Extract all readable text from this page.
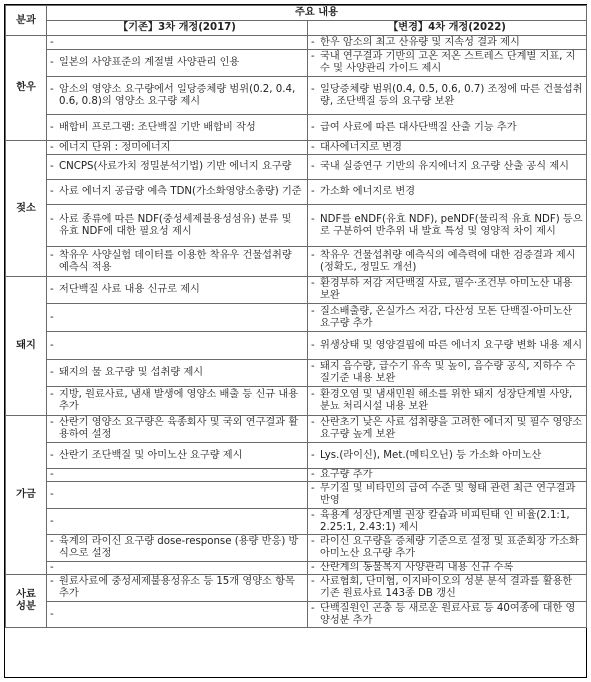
분과	주요 내용	
	【기존】3차 개정(2017)	【변경】4차 개정(2022)
한우	-	- 한우 암소의 최고 산유량 및 지속성 결과 제시

	- 일본의 사양표준의 계절별 사양관리 인용	- 국내 연구결과 기반의 고온 저온 스트레스 단계별 지표, 지수 및 사양관리 가이드 제시

	- 암소의 영양소 요구량에서 일당증체량 범위(0.2, 0.4, 0.6, 0.8)의 영양소 요구량 제시	- 일당증체량 범위(0.4, 0.5, 0.6, 0.7) 조정에 따른 건물섭취량, 조단백질 등의 요구량 보완

	- 배합비 프로그램: 조단백질 기반 배합비 작성	- 급여 사료에 따른 대사단백질 산출 기능 추가

젖소	- 에너지 단위 : 정미에너지	- 대사에너지로 변경

	- CNCPS(사료가치 정밀분석기법) 기반 에너지 요구량	- 국내 실증연구 기반의 유지에너지 요구량 산출 공식 제시

	- 사료 에너지 공급량 예측 TDN(가소화영양소총량) 기준	- 가소화 에너지로 변경

	- 사료 종류에 따른 NDF(중성세제불용성섬유) 분류 및 유효 NDF에 대한 필요성 제시	- NDF를 eNDF(유효 NDF), peNDF(물리적 유효 NDF) 등으로 구분하여 반추위 내 발효 특성 및 영양적 차이 제시

	- 착유우 사양실험 데이터를 이용한 착유우 건물섭취량 예측식 적용	- 착유우 건물섭취량 예측식의 예측력에 대한 검증결과 제시(정확도, 정밀도 개선)

돼지	- 저단백질 사료 내용 신규로 제시	- 환경부하 저감 저단백질 사료, 필수·조건부 아미노산 내용 보완

	-	- 질소배출량, 온실가스 저감, 다산성 모돈 단백질·아미노산 요구량 추가

	-	- 위생상태 및 영양결핍에 따른 에너지 요구량 변화 내용 제시

	- 돼지의 물 요구량 및 섭취량 제시	- 돼지 음수량, 급수기 유속 및 높이, 음수량 공식, 지하수 수질기준 내용 보완

	- 지방, 원료사료, 냄새 발생에 영양소 배출 등 신규 내용 추가	- 환경오염 및 냄새민원 해소를 위한 돼지 성장단계별 사양, 분뇨 처리시설 내용 보완

가금	- 산란기 영양소 요구량은 육종회사 및 국외 연구결과 활용하여 설정	- 산란초기 낮은 사료 섭취량을 고려한 에너지 및 필수 영양소 요구량 높게 보완

	- 산란기 조단백질 및 아미노산 요구량 제시	- Lys.(라이신), Met.(메티오닌) 등 가소화 아미노산

	-	- 요구량 추가

	-	- 무기질 및 비타민의 급여 수준 및 형태 관련 최근 연구결과 반영

	-	- 육용계 성장단계별 권장 칼슘과 비피틴태 인 비율(2.1:1, 2.25:1, 2.43:1) 제시

	- 육계의 라이신 요구량 dose-response (용량 반응) 방식으로 설정	- 라이신 요구량을 증체량 기준으로 설정 및 표준회장 가소화 아미노산 요구량 추가

	-	- 산란계의 동물복지 사양관리 내용 신규 수록

사료
성분	- 원료사료에 중성세제불용성유소 등 15개 영양소 항목 추가	- 사료협회, 단미협, 이지바이오의 성분 분석 결과를 활용한 기존 원료사료 143종 DB 갱신

	-	- 단백질원인 곤충 등 새로운 원료사료 등 40여종에 대한 영양성분 추가
